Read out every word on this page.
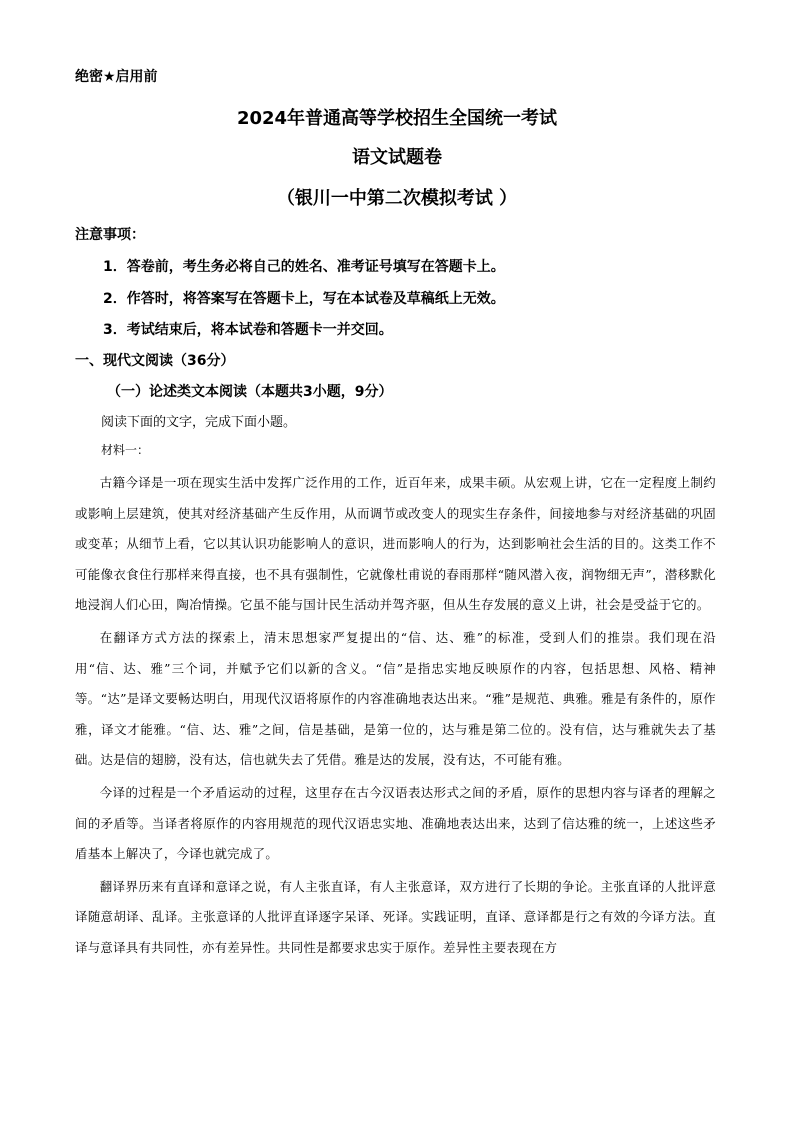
绝密★启用前
2024年普通高等学校招生全国统一考试
语文试题卷
（银川一中第二次模拟考试 ）
注意事项：
1．答卷前，考生务必将自己的姓名、准考证号填写在答题卡上。
2．作答时，将答案写在答题卡上，写在本试卷及草稿纸上无效。
3．考试结束后，将本试卷和答题卡一并交回。
一、现代文阅读（36分）
（一）论述类文本阅读（本题共3小题，9分）
阅读下面的文字，完成下面小题。
材料一：

古籍今译是一项在现实生活中发挥广泛作用的工作，近百年来，成果丰硕。从宏观上讲，它在一定程度上制约或影响上层建筑，使其对经济基础产生反作用，从而调节或改变人的现实生存条件，间接地参与对经济基础的巩固或变革；从细节上看，它以其认识功能影响人的意识，进而影响人的行为，达到影响社会生活的目的。这类工作不可能像衣食住行那样来得直接，也不具有强制性，它就像杜甫说的春雨那样“随风潜入夜，润物细无声”，潜移默化地浸润人们心田，陶冶情操。它虽不能与国计民生活动并驾齐驱，但从生存发展的意义上讲，社会是受益于它的。

在翻译方式方法的探索上，清末思想家严复提出的“信、达、雅”的标准，受到人们的推崇。我们现在沿用“信、达、雅”三个词，并赋予它们以新的含义。“信”是指忠实地反映原作的内容，包括思想、风格、精神等。“达”是译文要畅达明白，用现代汉语将原作的内容准确地表达出来。“雅”是规范、典雅。雅是有条件的，原作雅，译文才能雅。“信、达、雅”之间，信是基础，是第一位的，达与雅是第二位的。没有信，达与雅就失去了基础。达是信的翅膀，没有达，信也就失去了凭借。雅是达的发展，没有达，不可能有雅。

今译的过程是一个矛盾运动的过程，这里存在古今汉语表达形式之间的矛盾，原作的思想内容与译者的理解之间的矛盾等。当译者将原作的内容用规范的现代汉语忠实地、准确地表达出来，达到了信达雅的统一，上述这些矛盾基本上解决了，今译也就完成了。

翻译界历来有直译和意译之说，有人主张直译，有人主张意译，双方进行了长期的争论。主张直译的人批评意译随意胡译、乱译。主张意译的人批评直译逐字呆译、死译。实践证明，直译、意译都是行之有效的今译方法。直译与意译具有共同性，亦有差异性。共同性是都要求忠实于原作。差异性主要表现在方
